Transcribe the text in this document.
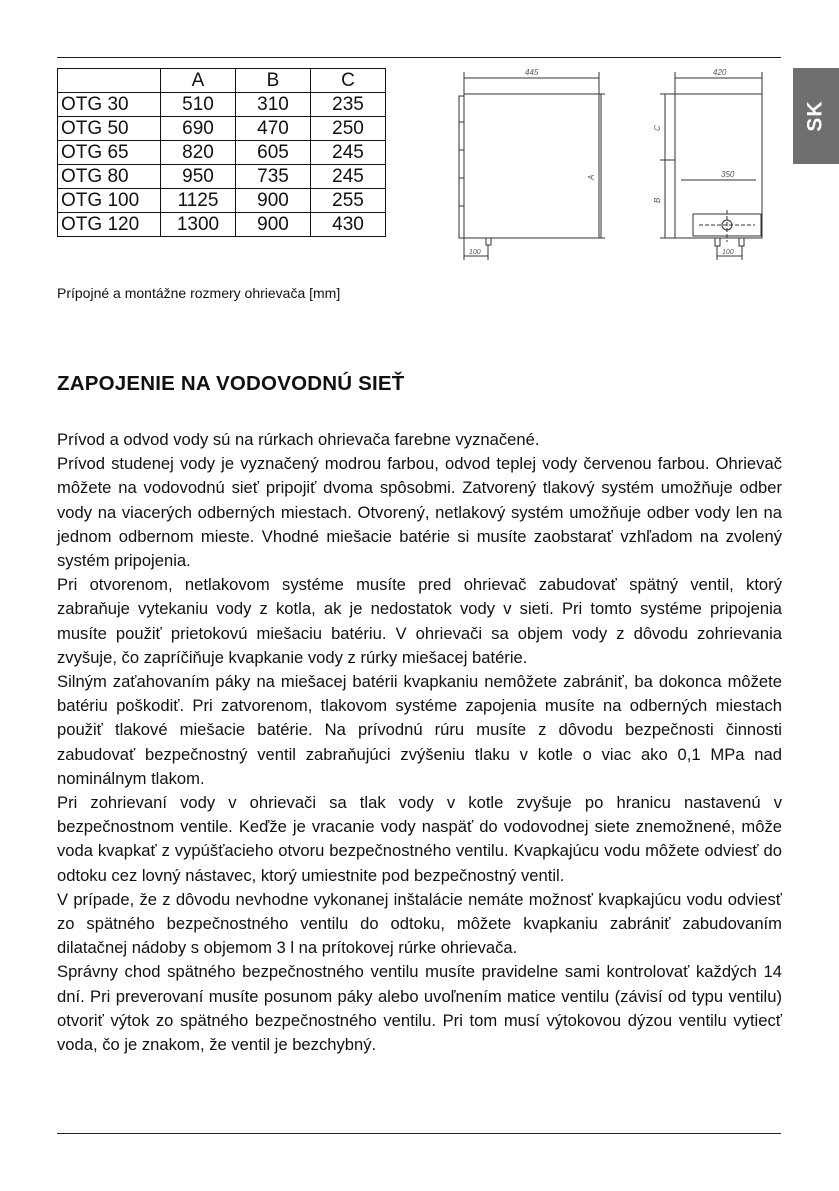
SK
	A	B	C
OTG 30	510	310	235
OTG 50	690	470	250
OTG 65	820	605	245
OTG 80	950	735	245
OTG 100	1125	900	255
OTG 120	1300	900	430
445	420
350
100	100
A
B
C
Prípojné a montážne rozmery ohrievača [mm]
ZAPOJENIE NA VODOVODNÚ SIEŤ

Prívod a odvod vody sú na rúrkach ohrievača farebne vyznačené.

Prívod studenej vody je vyznačený modrou farbou, odvod teplej vody červenou farbou. Ohrievač môžete na vodovodnú sieť pripojiť dvoma spôsobmi. Zatvorený tlakový systém umožňuje odber vody na viacerých odberných miestach. Otvorený, netlakový systém umožňuje odber vody len na jednom odbernom mieste. Vhodné miešacie batérie si musíte zaobstarať vzhľadom na zvolený systém pripojenia.

Pri otvorenom, netlakovom systéme musíte pred ohrievač zabudovať spätný ventil, ktorý zabraňuje vytekaniu vody z kotla, ak je nedostatok vody v sieti. Pri tomto systéme pripojenia musíte použiť prietokovú miešaciu batériu. V ohrievači sa objem vody z dôvodu zohrievania zvyšuje, čo zapríčiňuje kvapkanie vody z rúrky miešacej batérie.

Silným zaťahovaním páky na miešacej batérii kvapkaniu nemôžete zabrániť, ba dokonca môžete batériu poškodiť. Pri zatvorenom, tlakovom systéme zapojenia musíte na odberných miestach použiť tlakové miešacie batérie. Na prívodnú rúru musíte z dôvodu bezpečnosti činnosti zabudovať bezpečnostný ventil zabraňujúci zvýšeniu tlaku v kotle o viac ako 0,1 MPa nad nominálnym tlakom.

Pri zohrievaní vody v ohrievači sa tlak vody v kotle zvyšuje po hranicu nastavenú v bezpečnostnom ventile. Keďže je vracanie vody naspäť do vodovodnej siete znemožnené, môže voda kvapkať z vypúšťacieho otvoru bezpečnostného ventilu. Kvapkajúcu vodu môžete odviesť do odtoku cez lovný nástavec, ktorý umiestnite pod bezpečnostný ventil.

V prípade, že z dôvodu nevhodne vykonanej inštalácie nemáte možnosť kvapkajúcu vodu odviesť zo spätného bezpečnostného ventilu do odtoku, môžete kvapkaniu zabrániť zabudovaním dilatačnej nádoby s objemom 3 l na prítokovej rúrke ohrievača.

Správny chod spätného bezpečnostného ventilu musíte pravidelne sami kontrolovať každých 14 dní. Pri preverovaní musíte posunom páky alebo uvoľnením matice ventilu (závisí od typu ventilu) otvoriť výtok zo spätného bezpečnostného ventilu. Pri tom musí výtokovou dýzou ventilu vytiecť voda, čo je znakom, že ventil je bezchybný.
